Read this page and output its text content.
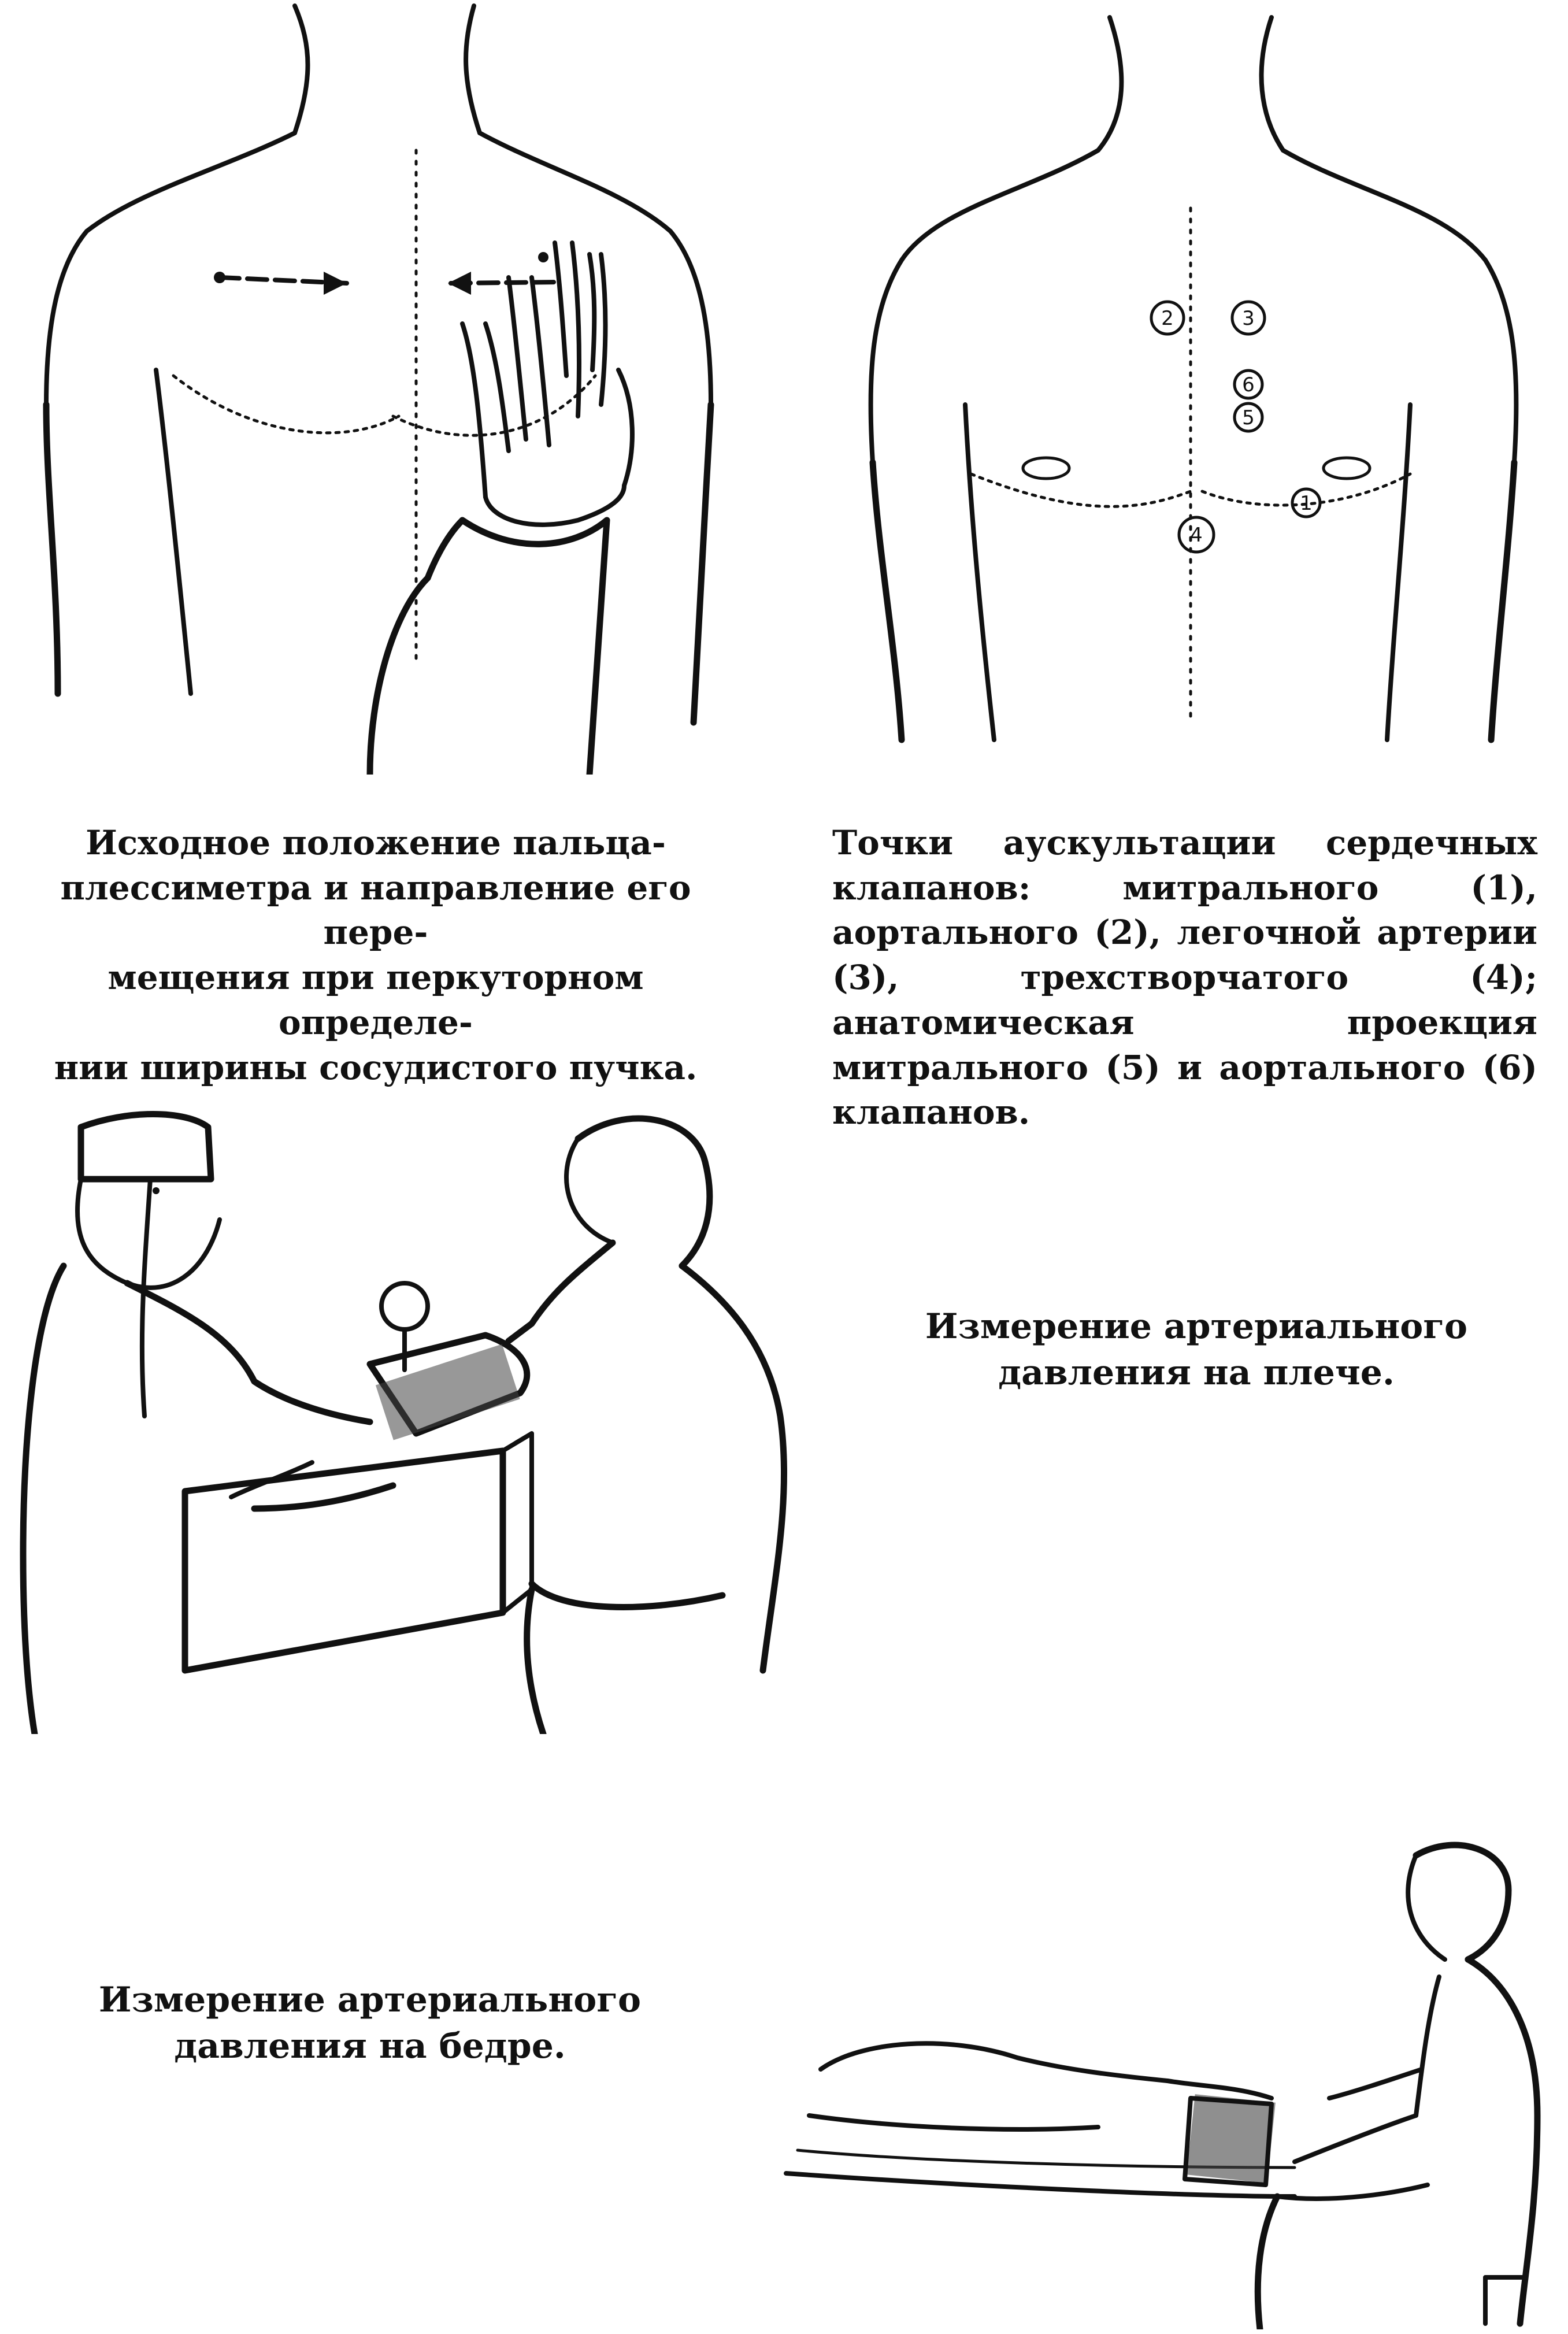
2	3
6
5
1
4
Исходное положение пальца-
плессиметра и направление его пере-
мещения при перкуторном определе-
нии ширины сосудистого пучка.
Точки аускультации сердечных клапанов: митрального (1), аортального (2), легочной артерии (3), трехстворчатого (4); анатомическая проекция митрального (5) и аортального (6) клапанов.
Измерение артериального
давления на плече.
Измерение артериального
давления на бедре.
